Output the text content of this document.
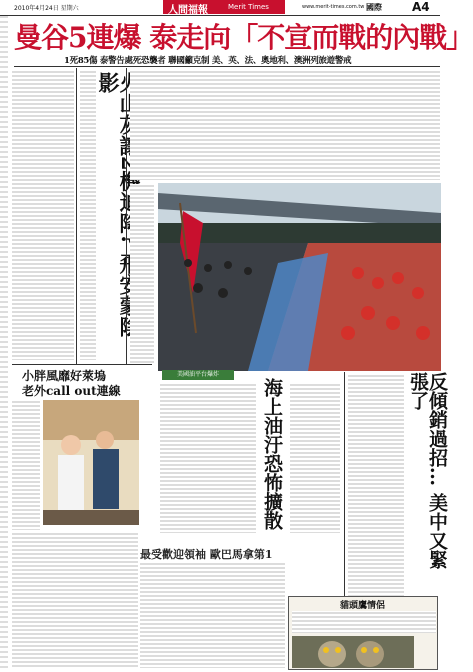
2010年4月24日 星期六	人間福報	Merit Times	www.merit-times.com.tw 國際	A4
曼谷5連爆 泰走向「不宣而戰的內戰」
1死85傷 泰警告處死恐襲者 聯國籲克制 美、英、法、奧地利、澳洲列旅遊警戒
影
反傾銷過招… 美中又緊張了
美國油平台爆炸
海上油汙恐怖擴散
最受歡迎領袖 歐巴馬拿第1
小胖風靡好萊塢
老外call out連線
貓頭鷹情侶
